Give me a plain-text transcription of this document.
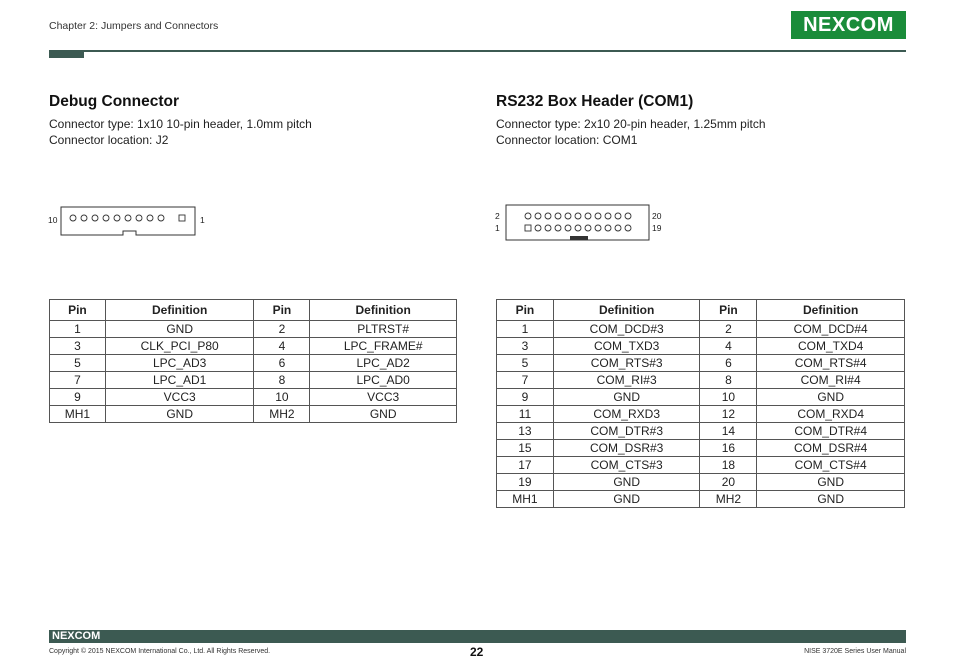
Chapter 2: Jumpers and Connectors	NEXCOM
Debug Connector
Connector type: 1x10 10-pin header, 1.0mm pitch
Connector location: J2
10	1
RS232 Box Header (COM1)
Connector type: 2x10 20-pin header, 1.25mm pitch
Connector location: COM1
2
1
20
19
Pin	Definition	Pin	Definition
1	GND	2	PLTRST#
3	CLK_PCI_P80	4	LPC_FRAME#
5	LPC_AD3	6	LPC_AD2
7	LPC_AD1	8	LPC_AD0
9	VCC3	10	VCC3
MH1	GND	MH2	GND
Pin	Definition	Pin	Definition
1	COM_DCD#3	2	COM_DCD#4
3	COM_TXD3	4	COM_TXD4
5	COM_RTS#3	6	COM_RTS#4
7	COM_RI#3	8	COM_RI#4
9	GND	10	GND
11	COM_RXD3	12	COM_RXD4
13	COM_DTR#3	14	COM_DTR#4
15	COM_DSR#3	16	COM_DSR#4
17	COM_CTS#3	18	COM_CTS#4
19	GND	20	GND
MH1	GND	MH2	GND
NEXCOM
Copyright © 2015 NEXCOM International Co., Ltd. All Rights Reserved.	22	NISE 3720E Series User Manual
